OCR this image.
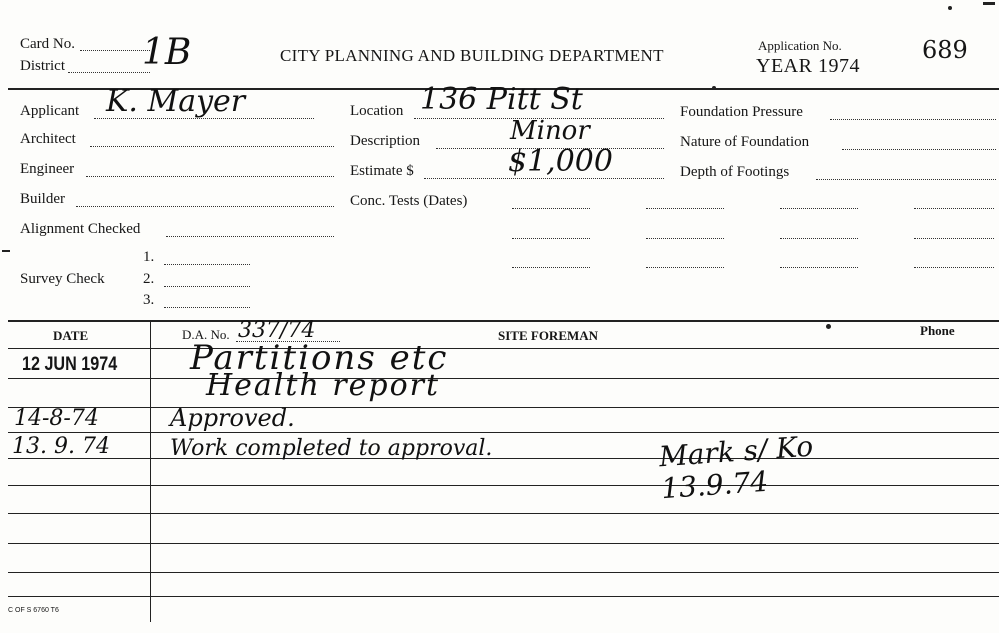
Card No.
District 1B	CITY PLANNING AND BUILDING DEPARTMENT
Application No.
YEAR 1974
689
Applicant K. Mayer
Architect
Engineer
Builder
Alignment Checked
1.
Survey Check	2.
3.
Location 136 Pitt St
Description	Minor
Estimate $	$1,000
Conc. Tests (Dates)
Foundation Pressure
Nature of Foundation
Depth of Footings
DATE	D.A. No. 337/74	SITE FOREMAN	Phone
12 JUN 1974 Partitions etc
Health report
14-8-74	Approved.
13. 9. 74	Work completed to approval.	Mark s/ Ko 13.9.74
C OF S 6760 T6
